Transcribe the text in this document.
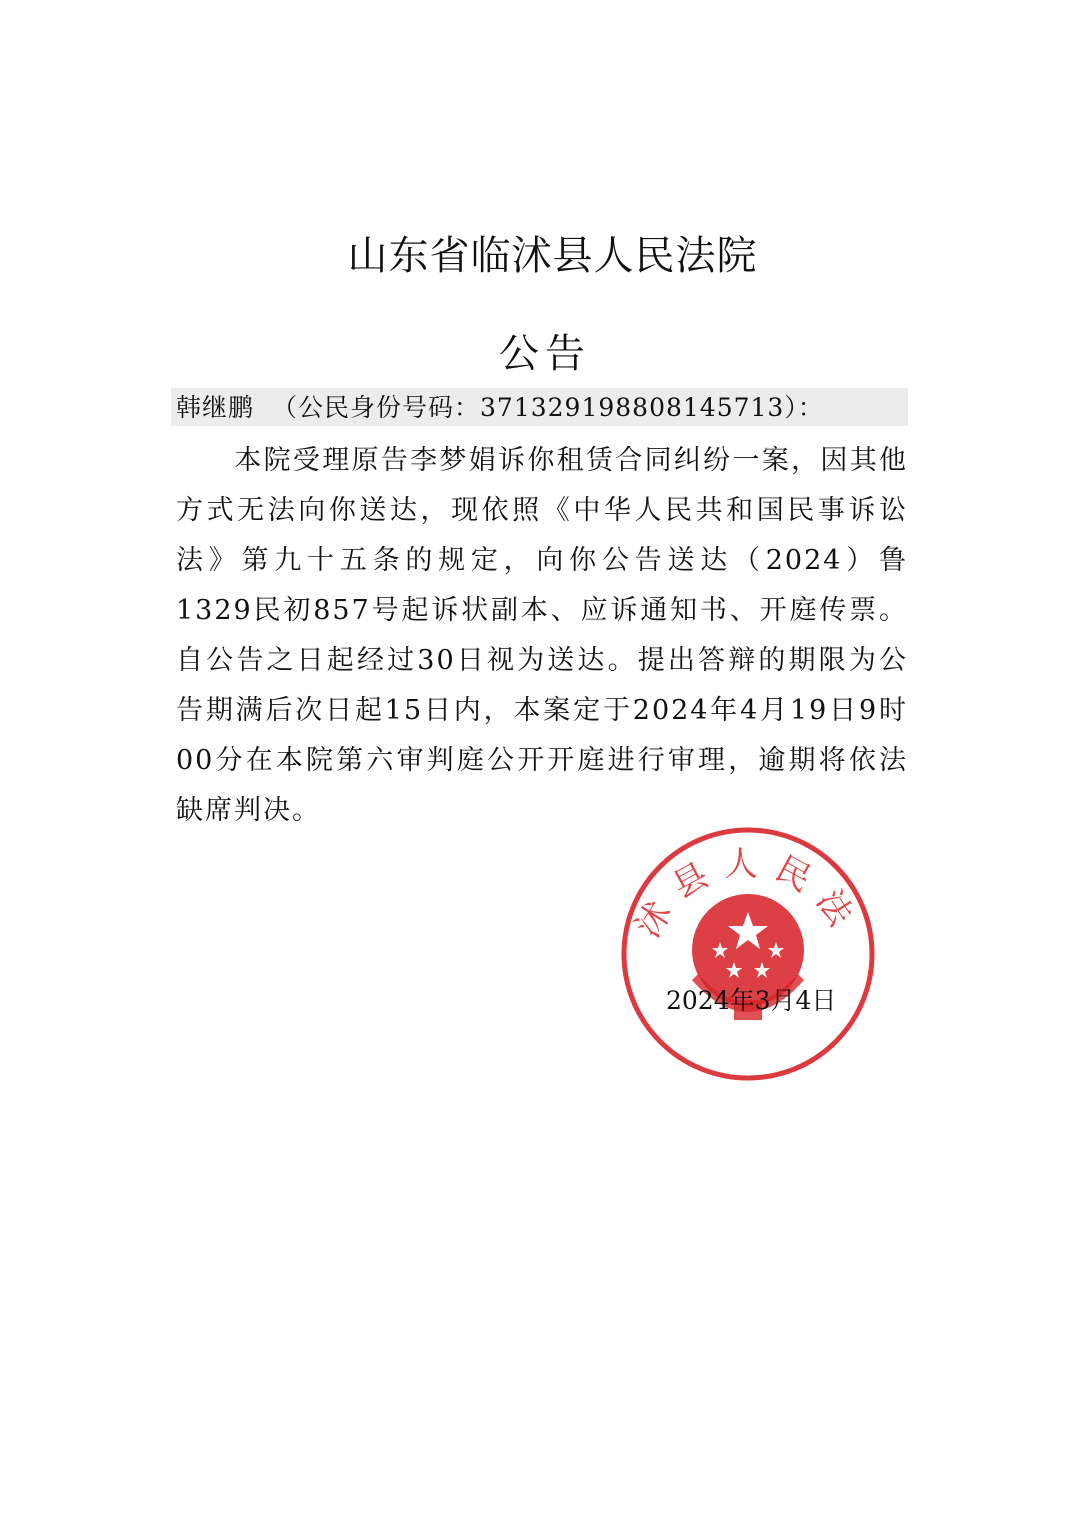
山东省临沭县人民法院
公告
韩继鹏 （公民身份号码：371329198808145713）：
本院受理原告李梦娟诉你租赁合同纠纷一案，因其他方式无法向你送达，现依照《中华人民共和国民事诉讼法》第九十五条的规定，向你公告送达（2024）鲁1329民初857号起诉状副本、应诉通知书、开庭传票。自公告之日起经过30日视为送达。提出答辩的期限为公告期满后次日起15日内，本案定于2024年4月19日9时00分在本院第六审判庭公开开庭进行审理，逾期将依法缺席判决。
沭县人民法
2024年3月4日
